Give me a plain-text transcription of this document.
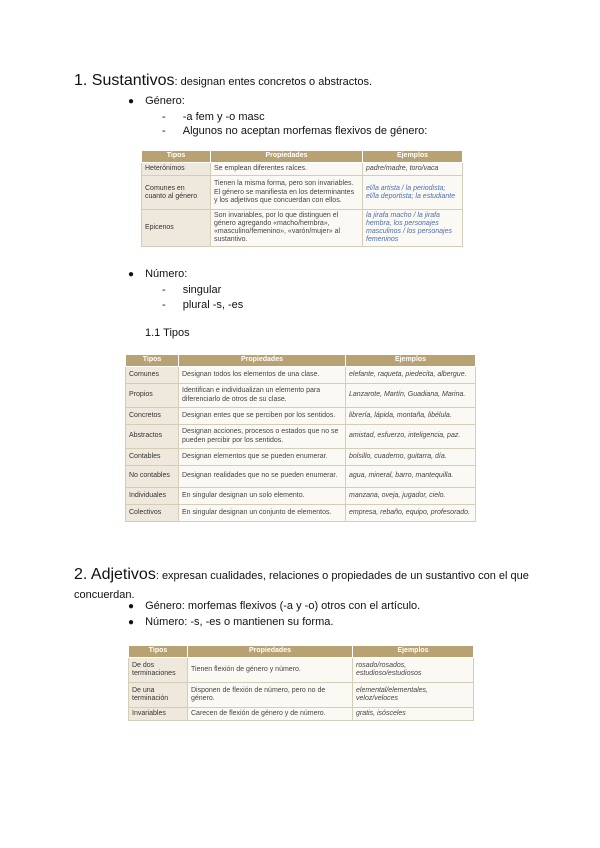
1. Sustantivos: designan entes concretos o abstractos.
● Género:
- -a fem y -o masc
- Algunos no aceptan morfemas flexivos de género:
Tipos	Propiedades	Ejemplos
Heterónimos	Se emplean diferentes raíces.	padre/madre, toro/vaca
Comunes en cuanto al género	Tienen la misma forma, pero son invariables. El género se manifiesta en los determinantes y los adjetivos que concuerdan con ellos.	el/la artista / la periodista; el/la deportista; la estudiante
Epicenos	Son invariables, por lo que distinguen el género agregando «macho/hembra», «masculino/femenino», «varón/mujer» al sustantivo.	la jirafa macho / la jirafa hembra, los personajes masculinos / los personajes femeninos
● Número:
- singular
- plural -s, -es
1.1 Tipos
Tipos	Propiedades	Ejemplos
Comunes	Designan todos los elementos de una clase.	elefante, raqueta, piedecita, albergue.
Propios	Identifican e individualizan un elemento para diferenciarlo de otros de su clase.	Lanzarote, Martín, Guadiana, Marina.
Concretos	Designan entes que se perciben por los sentidos.	librería, lápida, montaña, libélula.
Abstractos	Designan acciones, procesos o estados que no se pueden percibir por los sentidos.	amistad, esfuerzo, inteligencia, paz.
Contables	Designan elementos que se pueden enumerar.	bolsillo, cuaderno, guitarra, día.
No contables	Designan realidades que no se pueden enumerar.	agua, mineral, barro, mantequilla.
Individuales	En singular designan un solo elemento.	manzana, oveja, jugador, cielo.
Colectivos	En singular designan un conjunto de elementos.	empresa, rebaño, equipo, profesorado.
2. Adjetivos: expresan cualidades, relaciones o propiedades de un sustantivo con el que concuerdan.
● Género: morfemas flexivos (-a y -o) otros con el artículo.
● Número: -s, -es o mantienen su forma.
Tipos	Propiedades	Ejemplos
De dos terminaciones	Tienen flexión de género y número.	rosado/rosados, estudioso/estudiosos
De una terminación	Disponen de flexión de número, pero no de género.	elemental/elementales, veloz/veloces
Invariables	Carecen de flexión de género y de número.	gratis, isósceles
